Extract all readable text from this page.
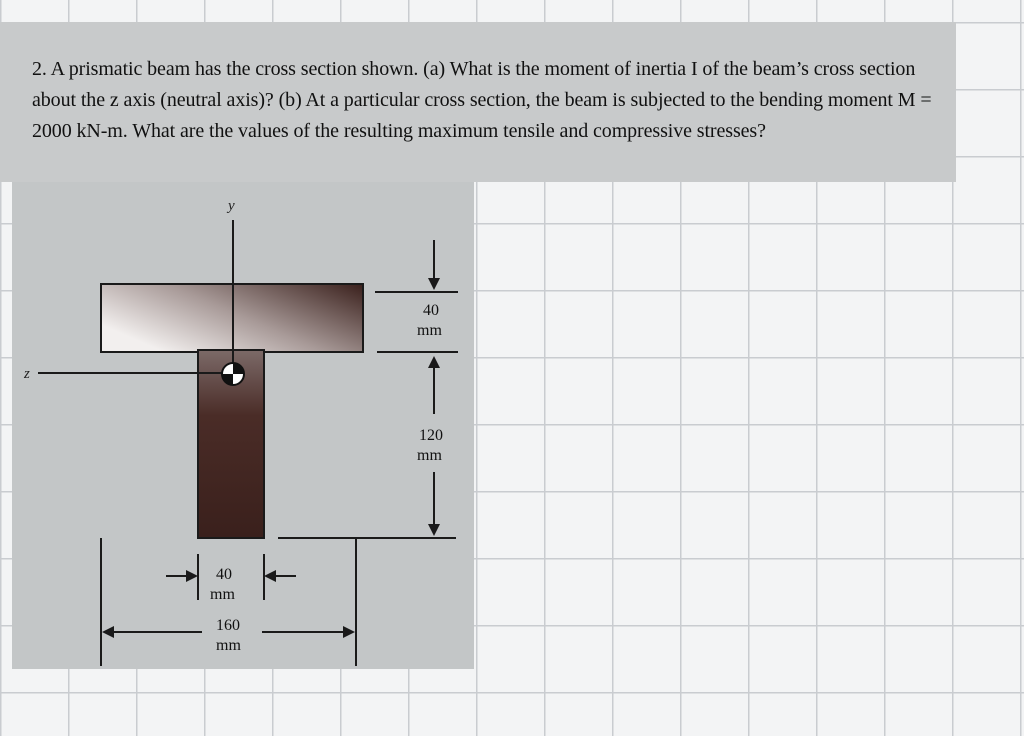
2. A prismatic beam has the cross section shown. (a) What is the moment of inertia I of the beam’s cross section about the z axis (neutral axis)? (b) At a particular cross section, the beam is subjected to the bending moment M = 2000 kN-m. What are the values of the resulting maximum tensile and compressive stresses?
y
z
40
mm
120
mm
40
mm
160
mm
